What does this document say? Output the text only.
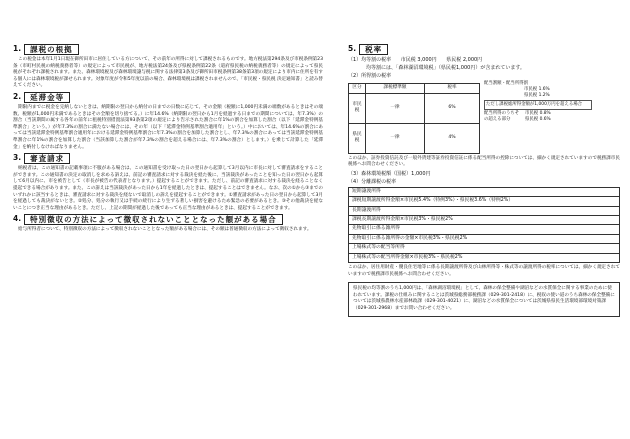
1.	課税の根拠

この税金は本年1月1日現在御所田市に居住している方について、その前年の所得に対して課税されるものです。地方税法第294条及び市税条例第23条（市町村民税の納税義務者等）の規定によって市民税が、地方税法第24条及び県税条例第22条（道府県民税の納税義務者等）の規定によって県民税がそれぞれ課税されます。また、森林環境税及び森林環境譲与税に関する法律第3条及び御所田市税条例第38条第3項の規定により市内に住所を有する個人には森林環境税が課せられます。対象年度が令和5年度以前の場合、森林環境税は課税されませんので、「市民税・県民税 決定通知書」と読み替えてください。

2.	延滞金等

期限内までに税金を完納しないときは、納期限の翌日から納付の日までの日数に応じて、その金額（税額に1,000円未満の端数があるときはその端数、税額が1,000円未満であるときはその全額を切り捨てる。）に年14.6%（納期限の翌日から1月を経過する日までの期間については、年7.3%）の割合（当該期間の属する各年の前年に租税特別措置法第93条第2項の規定により告示された割合に年1%の割合を加算した割合（以下「延滞金特例基準割合」という。）が年7.3%の割合に満たない場合には、その年（以下「延滞金特例基準割合適用年」という。）中においては、年14.6%の割合にあっては当該延滞金特例基準割合適用年における延滞金特例基準割合に年7.3%の割合を加算した割合とし、年7.3%の割合にあっては当該延滞金特例基準割合に年1%の割合を加算した割合（当該加算した割合が年7.3%の割合を超える場合には、年7.3%の割合）とします。）を乗じて計算した「延滞金」を納付しなければなりません。

3.	審査請求

納税者は、この通知書の記載事項に不服がある場合は、この通知書を受け取った日の翌日から起算して3月以内に市長に対して審査請求をすることができます。この通知書の決定の取消しを求める訴えは、前記の審査請求に対する裁決を経た後に、当該裁決があったことを知った日の翌日から起算して6月以内に、市を被告として（市長が被告の代表者となります。）提起することができます。ただし、前記の審査請求に対する裁決を経ることなく提起できる場合があります。また、この訴えは当該裁決があった日から1年を経過したときは、提起することはできません。なお、次の①から③までのいずれかに該当するときは、審査請求に対する裁決を経ないで取消しの訴えを提起することができます。①審査請求があった日の翌日から起算して3月を経過しても裁決がないとき。②処分、処分の執行又は手続の続行により生ずる著しい損害を避けるため緊急の必要があるとき。③その他裁決を経ないことにつき正当な理由があるとき。ただし、上記の期間が経過した後であっても正当な理由があるときは、提起することができます。

4.	特別徴収の方法によって徴収されないこととなった額がある場合

給与所得者について、特別徴収の方法によって徴収されないこととなった額がある場合には、その額は普通徴収の方法によって徴収されます。

5.	税率
（1）均等割の税率 市民税 3,000円 県民税 2,000円
均等割には、「森林湖沼環境税」（県民税1,000円）が含まれています。
（2）所得割の税率
区分	課税標準額	税率
市民税	一律	6%
県民税	一律	4%
配当割額・配当所得割
市民税 1.6%
県民税 1.2%
ただし課税総所得金額が1,000万円を超える場合
配当所得のうちその超える部分
市民税 0.8%
県民税 0.6%

このほか、証券投資信託及び一般外貨建等証券投資信託に係る配当所得の控除については、細かく規定されていますので税務課市民税係へお問合わせください。

（3）森林環境税額（国税）1,000円
（4）分離課税の税率
短期譲渡所得
課税短期譲渡所得金額×市民税5.4%（特例3%）・県民税3.6%（特例2%）
長期譲渡所得
課税長期譲渡所得金額×市民税3%・県民税2%
先物取引に係る雑所得
先物取引に係る雑所得の金額×市民税3%・県民税2%
上場株式等の配当等所得
上場株式等の配当所得金額×市民税3%・県民税2%

このほか、居住用財産・優良住宅地等に係る長期譲渡所得及び山林所得等・株式等の譲渡所得の税率については、細かく規定されていますので税務課市民税係へお問合わせください。

県民税の均等割のうち1,000円は、「森林湖沼環境税」として、森林の保全整備や湖沼などの水質保全に関する事業のために使われています。課税の仕組みに関することは茨城県総務部税務課（029-301-2418）に、税収の使い道のうち森林の保全整備については茨城県農林水産部林政課（029-301-4021）に、湖沼などの水質保全については茨城県県民生活環境部環境対策課（029-301-2968）までお問い合わせください。
